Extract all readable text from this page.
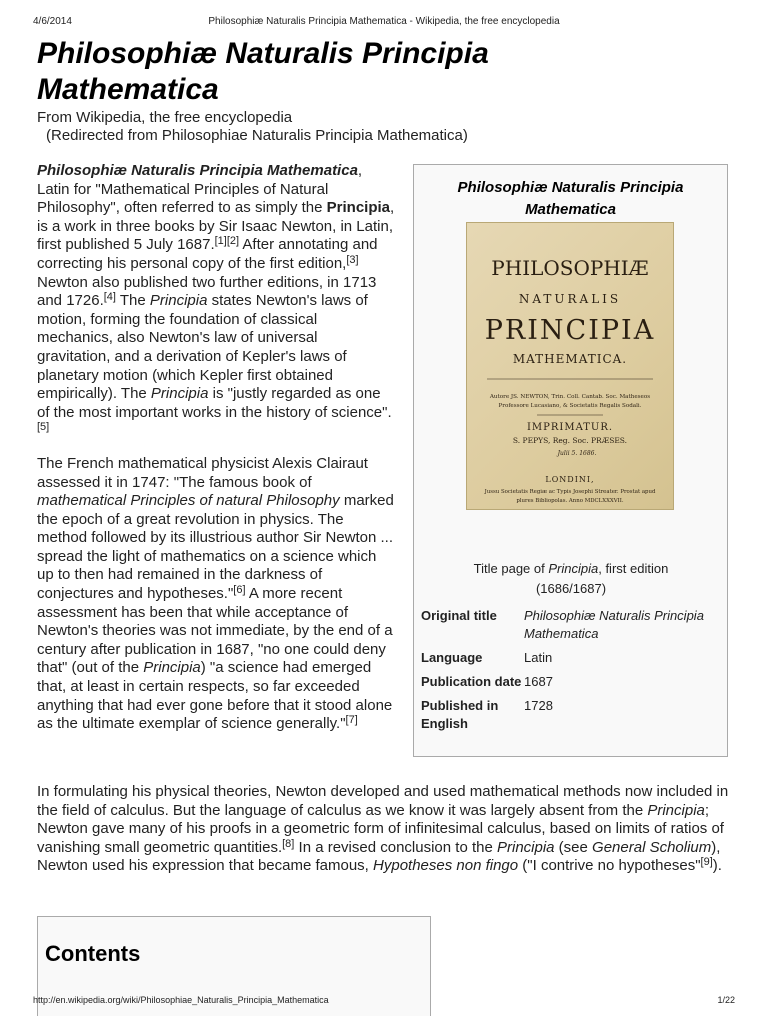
4/6/2014	Philosophiæ Naturalis Principia Mathematica - Wikipedia, the free encyclopedia
Philosophiæ Naturalis Principia Mathematica
From Wikipedia, the free encyclopedia
(Redirected from Philosophiae Naturalis Principia Mathematica)

Philosophiæ Naturalis Principia Mathematica, Latin for "Mathematical Principles of Natural Philosophy", often referred to as simply the Principia, is a work in three books by Sir Isaac Newton, in Latin, first published 5 July 1687.[1][2] After annotating and correcting his personal copy of the first edition,[3] Newton also published two further editions, in 1713 and 1726.[4] The Principia states Newton's laws of motion, forming the foundation of classical mechanics, also Newton's law of universal gravitation, and a derivation of Kepler's laws of planetary motion (which Kepler first obtained empirically). The Principia is "justly regarded as one of the most important works in the history of science".[5]

The French mathematical physicist Alexis Clairaut assessed it in 1747: "The famous book of mathematical Principles of natural Philosophy marked the epoch of a great revolution in physics. The method followed by its illustrious author Sir Newton ... spread the light of mathematics on a science which up to then had remained in the darkness of conjectures and hypotheses."[6] A more recent assessment has been that while acceptance of Newton's theories was not immediate, by the end of a century after publication in 1687, "no one could deny that" (out of the Principia) "a science had emerged that, at least in certain respects, so far exceeded anything that had ever gone before that it stood alone as the ultimate exemplar of science generally."[7]

Philosophiæ Naturalis Principia Mathematica
PHILOSOPHIÆ
NATURALIS
PRINCIPIA
MATHEMATICA.
Autore JS. NEWTON, Trin. Coll. Cantab. Soc. Matheseos
Professore Lucasiano, & Societatis Regalis Sodali.
IMPRIMATUR.
S. PEPYS, Reg. Soc. PRÆSES.
Julii 5. 1686.
LONDINI,
Jussu Societatis Regiæ ac Typis Josephi Streater. Prostat apud
plures Bibliopolas. Anno MDCLXXXVII.
Title page of Principia, first edition (1686/1687)
Original title	Philosophiæ Naturalis Principia Mathematica
Language	Latin
Publication date	1687
Published in English	1728

In formulating his physical theories, Newton developed and used mathematical methods now included in the field of calculus. But the language of calculus as we know it was largely absent from the Principia; Newton gave many of his proofs in a geometric form of infinitesimal calculus, based on limits of ratios of vanishing small geometric quantities.[8] In a revised conclusion to the Principia (see General Scholium), Newton used his expression that became famous, Hypotheses non fingo ("I contrive no hypotheses"[9]).

Contents
http://en.wikipedia.org/wiki/Philosophiae_Naturalis_Principia_Mathematica	1/22
